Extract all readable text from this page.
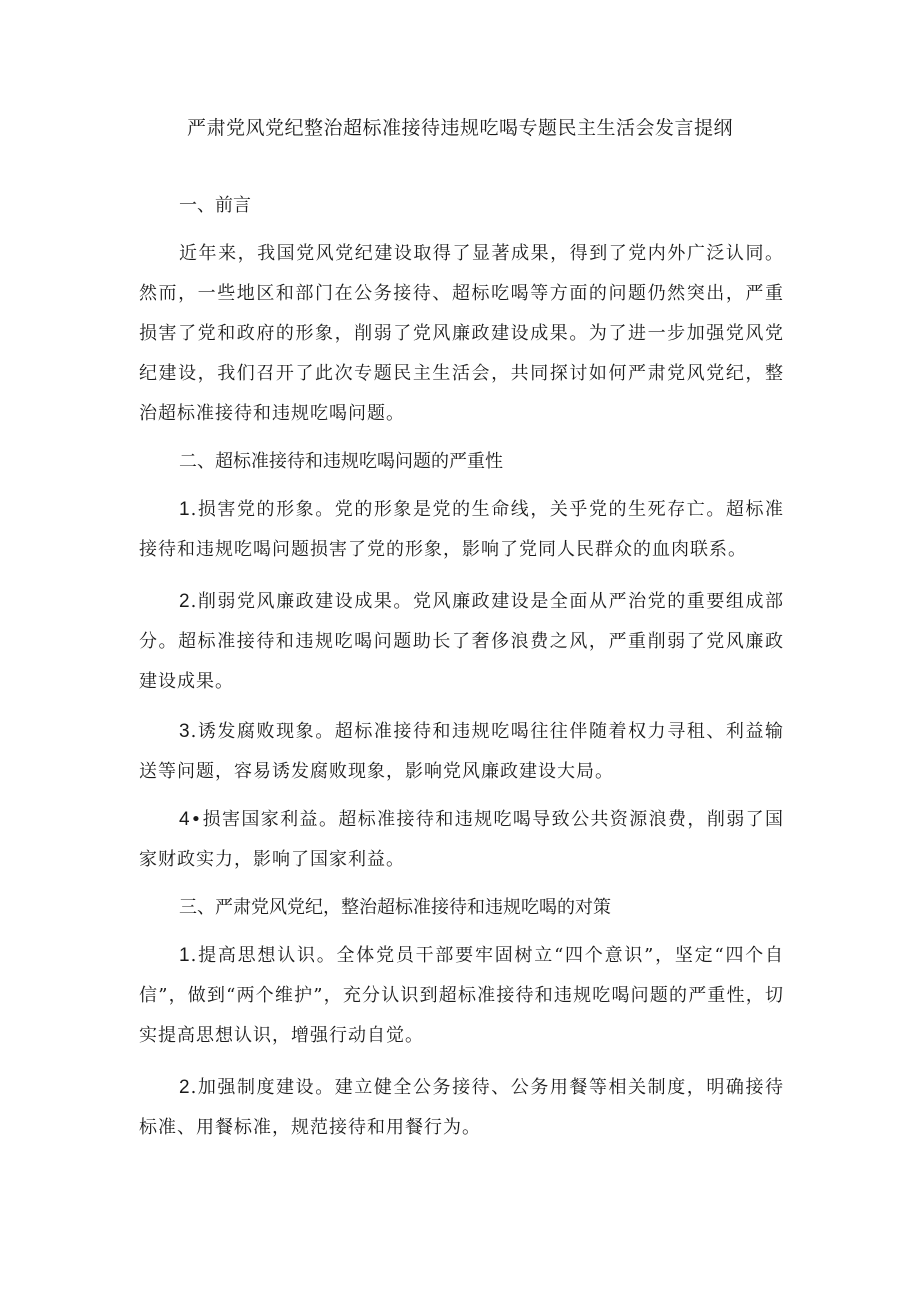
严肃党风党纪整治超标准接待违规吃喝专题民主生活会发言提纲

一、前言

近年来，我国党风党纪建设取得了显著成果，得到了党内外广泛认同。然而，一些地区和部门在公务接待、超标吃喝等方面的问题仍然突出，严重损害了党和政府的形象，削弱了党风廉政建设成果。为了进一步加强党风党纪建设，我们召开了此次专题民主生活会，共同探讨如何严肃党风党纪，整治超标准接待和违规吃喝问题。

二、超标准接待和违规吃喝问题的严重性

1.损害党的形象。党的形象是党的生命线，关乎党的生死存亡。超标准接待和违规吃喝问题损害了党的形象，影响了党同人民群众的血肉联系。

2.削弱党风廉政建设成果。党风廉政建设是全面从严治党的重要组成部分。超标准接待和违规吃喝问题助长了奢侈浪费之风，严重削弱了党风廉政建设成果。

3.诱发腐败现象。超标准接待和违规吃喝往往伴随着权力寻租、利益输送等问题，容易诱发腐败现象，影响党风廉政建设大局。

4•损害国家利益。超标准接待和违规吃喝导致公共资源浪费，削弱了国家财政实力，影响了国家利益。

三、严肃党风党纪，整治超标准接待和违规吃喝的对策

1.提高思想认识。全体党员干部要牢固树立“四个意识”，坚定“四个自信”，做到“两个维护”，充分认识到超标准接待和违规吃喝问题的严重性，切实提高思想认识，增强行动自觉。

2.加强制度建设。建立健全公务接待、公务用餐等相关制度，明确接待标准、用餐标准，规范接待和用餐行为。
